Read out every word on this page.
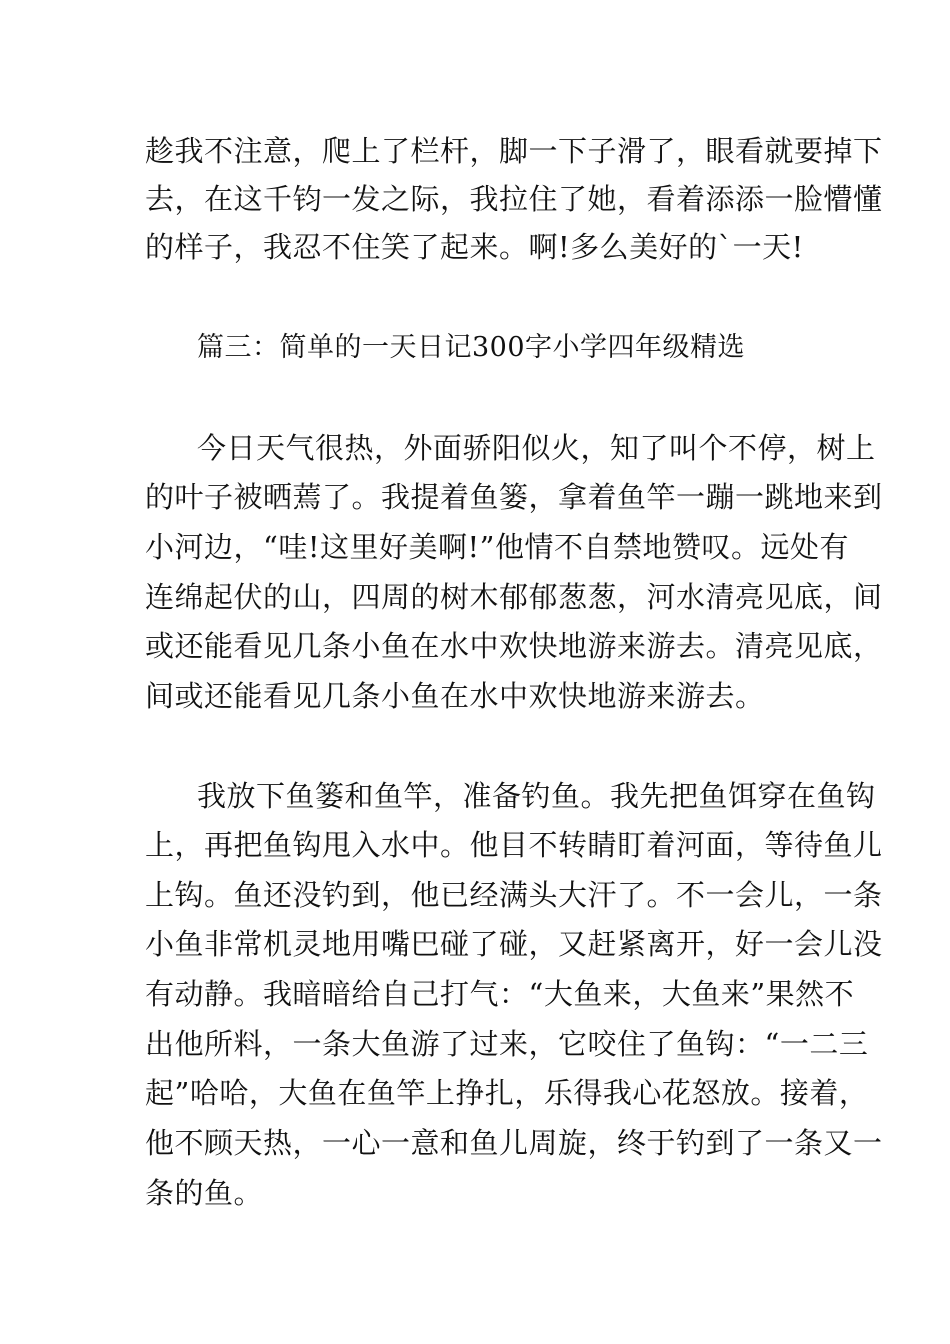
趁我不注意，爬上了栏杆，脚一下子滑了，眼看就要掉下
去，在这千钧一发之际，我拉住了她，看着添添一脸懵懂
的样子，我忍不住笑了起来。啊!多么美好的`一天!
篇三：简单的一天日记300字小学四年级精选
今日天气很热，外面骄阳似火，知了叫个不停，树上
的叶子被晒蔫了。我提着鱼篓，拿着鱼竿一蹦一跳地来到
小河边，“哇!这里好美啊!”他情不自禁地赞叹。远处有
连绵起伏的山，四周的树木郁郁葱葱，河水清亮见底，间
或还能看见几条小鱼在水中欢快地游来游去。清亮见底，
间或还能看见几条小鱼在水中欢快地游来游去。
我放下鱼篓和鱼竿，准备钓鱼。我先把鱼饵穿在鱼钩
上，再把鱼钩甩入水中。他目不转睛盯着河面，等待鱼儿
上钩。鱼还没钓到，他已经满头大汗了。不一会儿，一条
小鱼非常机灵地用嘴巴碰了碰，又赶紧离开，好一会儿没
有动静。我暗暗给自己打气：“大鱼来，大鱼来”果然不
出他所料，一条大鱼游了过来，它咬住了鱼钩：“一二三
起”哈哈，大鱼在鱼竿上挣扎，乐得我心花怒放。接着，
他不顾天热，一心一意和鱼儿周旋，终于钓到了一条又一
条的鱼。
